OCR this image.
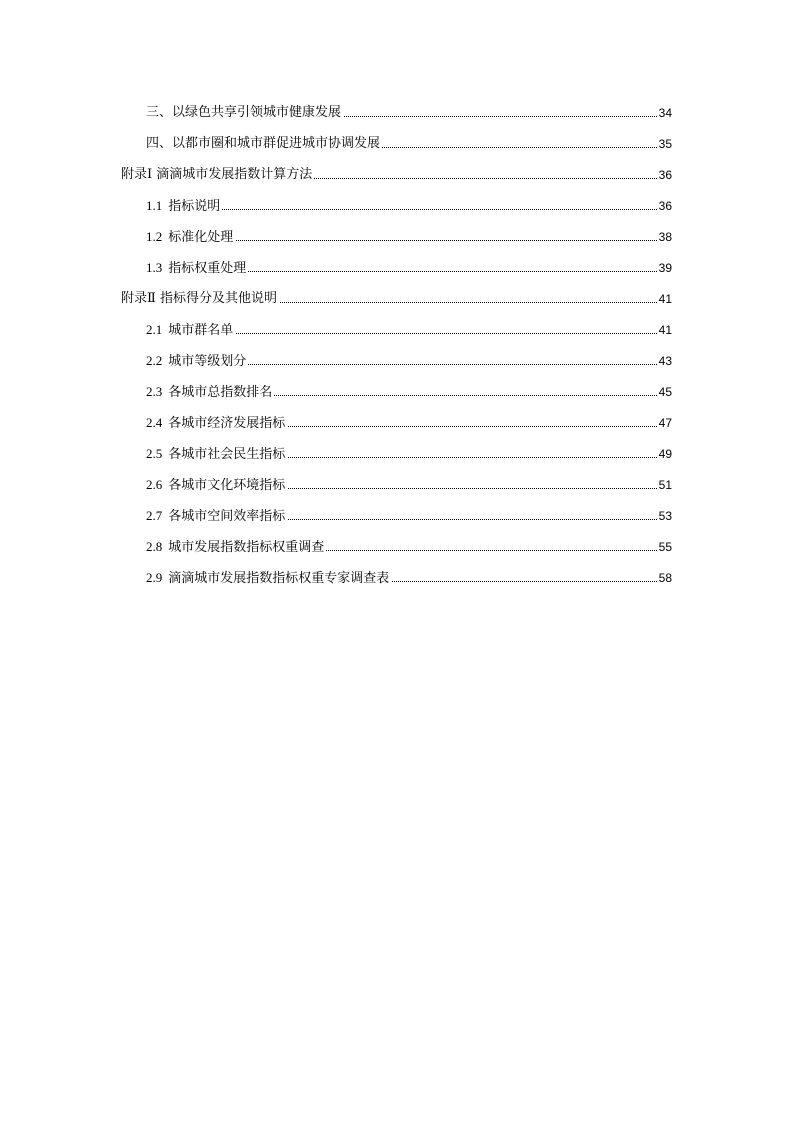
三、以绿色共享引领城市健康发展	34
四、以都市圈和城市群促进城市协调发展	35
附录Ⅰ 滴滴城市发展指数计算方法	36
1.1 指标说明	36
1.2 标准化处理	38
1.3 指标权重处理	39
附录Ⅱ 指标得分及其他说明	41
2.1 城市群名单	41
2.2 城市等级划分	43
2.3 各城市总指数排名	45
2.4 各城市经济发展指标	47
2.5 各城市社会民生指标	49
2.6 各城市文化环境指标	51
2.7 各城市空间效率指标	53
2.8 城市发展指数指标权重调查	55
2.9 滴滴城市发展指数指标权重专家调查表	58
